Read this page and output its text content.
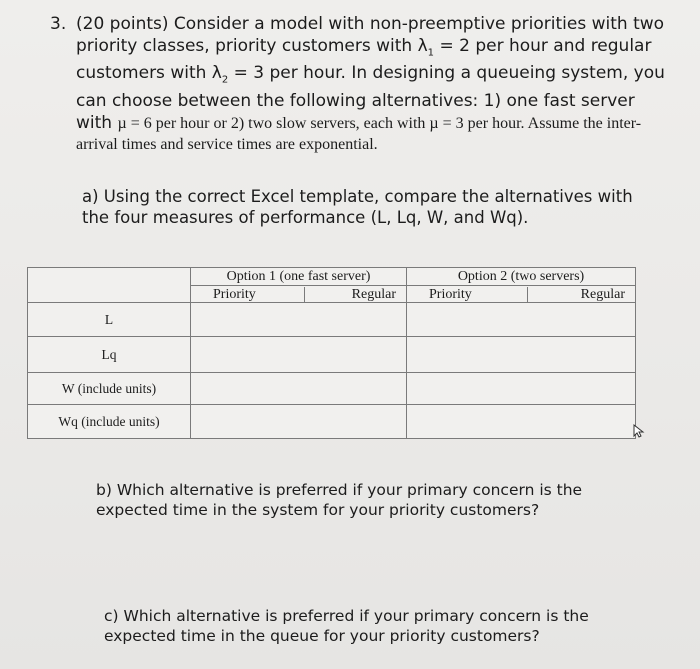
3. (20 points) Consider a model with non-preemptive priorities with two priority classes, priority customers with $\lambda_1 = 2$ per hour and regular customers with $\lambda_2 = 3$ per hour. In designing a queueing system, you can choose between the following alternatives: 1) one fast server with µ = 6 per hour or 2) two slow servers, each with µ = 3 per hour. Assume the inter-arrival times and service times are exponential.
a) Using the correct Excel template, compare the alternatives with the four measures of performance (L, Lq, W, and Wq).

	Option 1 (one fast server)	Option 2 (two servers)

	Priority Regular	Priority Regular

L		
Lq		
W (include units)		
Wq (include units)		
b) Which alternative is preferred if your primary concern is the expected time in the system for your priority customers?
c) Which alternative is preferred if your primary concern is the expected time in the queue for your priority customers?
